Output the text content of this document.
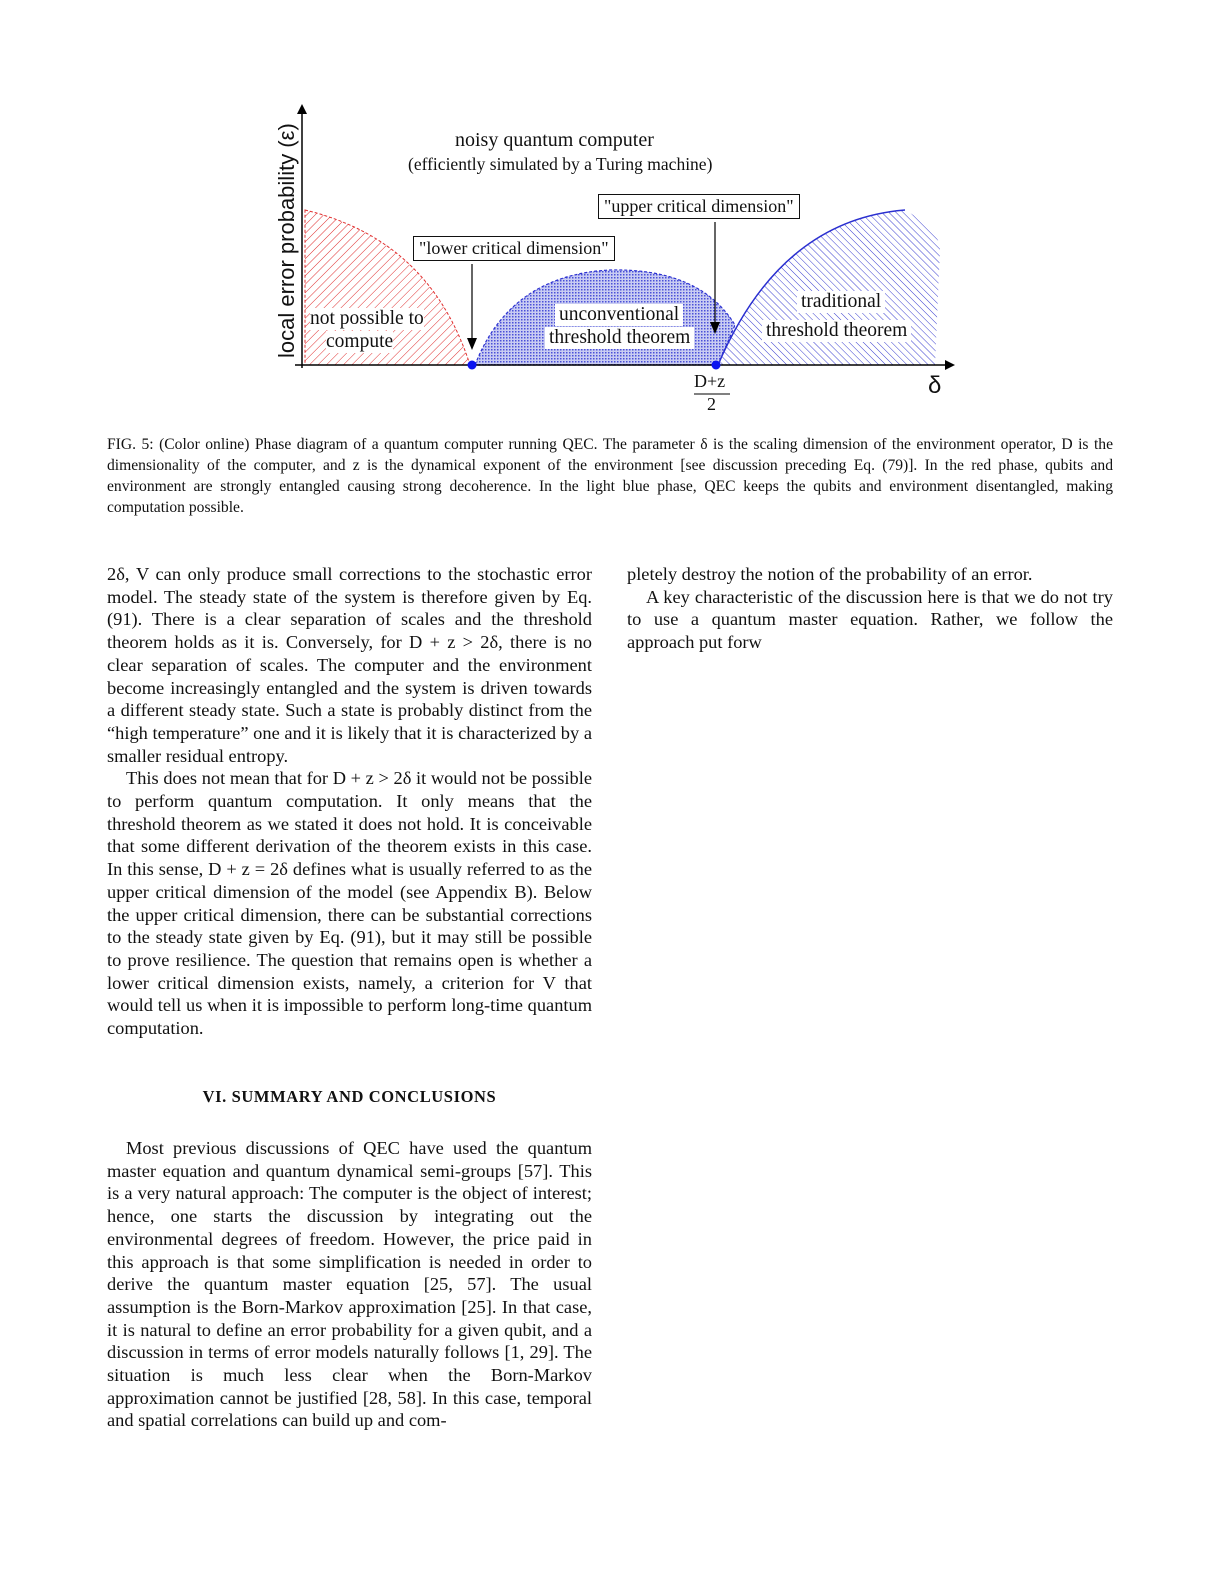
local error probability (ε)
δ
D+z
2
noisy quantum computer
(efficiently simulated by a Turing machine)
"lower critical dimension"
"upper critical dimension"
not possible to
compute
unconventional
threshold theorem
traditional
threshold theorem
FIG. 5: (Color online) Phase diagram of a quantum computer running QEC. The parameter δ is the scaling dimension of the environment operator, D is the dimensionality of the computer, and z is the dynamical exponent of the environment [see discussion preceding Eq. (79)]. In the red phase, qubits and environment are strongly entangled causing strong decoherence. In the light blue phase, QEC keeps the qubits and environment disentangled, making computation possible.

2δ, V can only produce small corrections to the stochastic error model. The steady state of the system is therefore given by Eq. (91). There is a clear separation of scales and the threshold theorem holds as it is. Conversely, for D + z > 2δ, there is no clear separation of scales. The computer and the environment become increasingly entangled and the system is driven towards a different steady state. Such a state is probably distinct from the “high temperature” one and it is likely that it is characterized by a smaller residual entropy.

This does not mean that for D + z > 2δ it would not be possible to perform quantum computation. It only means that the threshold theorem as we stated it does not hold. It is conceivable that some different derivation of the theorem exists in this case. In this sense, D + z = 2δ defines what is usually referred to as the upper critical dimension of the model (see Appendix B). Below the upper critical dimension, there can be substantial corrections to the steady state given by Eq. (91), but it may still be possible to prove resilience. The question that remains open is whether a lower critical dimension exists, namely, a criterion for V that would tell us when it is impossible to perform long-time quantum computation.

VI. SUMMARY AND CONCLUSIONS

Most previous discussions of QEC have used the quantum master equation and quantum dynamical semi-groups [57]. This is a very natural approach: The computer is the object of interest; hence, one starts the discussion by integrating out the environmental degrees of freedom. However, the price paid in this approach is that some simplification is needed in order to derive the quantum master equation [25, 57]. The usual assumption is the Born-Markov approximation [25]. In that case, it is natural to define an error probability for a given qubit, and a discussion in terms of error models naturally follows [1, 29]. The situation is much less clear when the Born-Markov approximation cannot be justified [28, 58]. In this case, temporal and spatial correlations can build up and com-

pletely destroy the notion of the probability of an error.

A key characteristic of the discussion here is that we do not try to use a quantum master equation. Rather, we follow the approach put forw
